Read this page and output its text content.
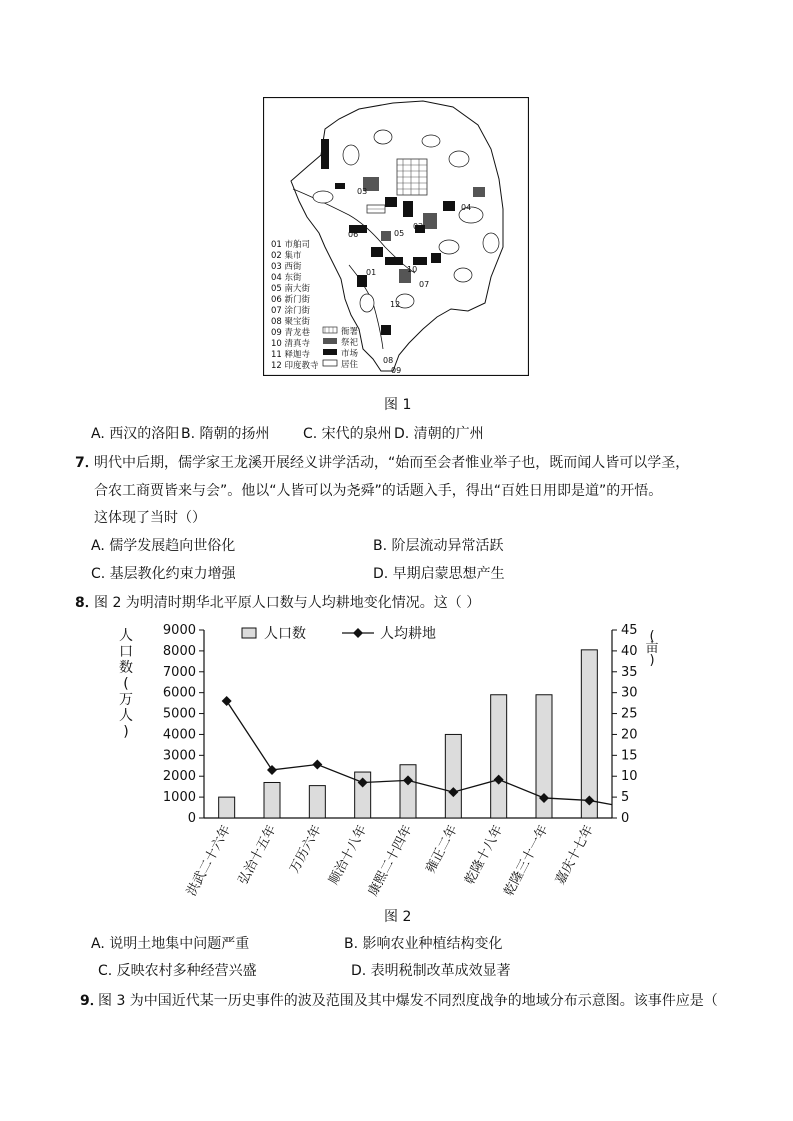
03
02
04
05
06
01	10
07
12
08
09
01 市舶司
02 集市
03 西街
04 东街
05 南大街
06 新门街
07 涂门街
08 聚宝街
09 青龙巷
10 清真寺
11 释迦寺
12 印度教寺
衙署
祭祀
市场
居住
图 1
A. 西汉的洛阳 B. 隋朝的扬州 C. 宋代的泉州 D. 清朝的广州
7．
明代中后期，儒学家王龙溪开展经义讲学活动，“始而至会者惟业举子也，既而闻人皆可以学圣，
合农工商贾皆来与会”。他以“人皆可以为尧舜”的话题入手，得出“百姓日用即是道”的开悟。
这体现了当时（）
A. 儒学发展趋向世俗化	B. 阶层流动异常活跃
C. 基层教化约束力增强	D. 早期启蒙思想产生
8．
图 2 为明清时期华北平原人口数与人均耕地变化情况。这（ ）
0
1000
2000
3000
4000
5000
6000
7000
8000
9000
0
5
10
15
20
25
30
35
40
45
人
口
数
(
万
人
)
(
亩
)
洪武二十六年 弘治十五年 万历六年 顺治十八年
康熙二十四年 雍正二年 乾隆十八年
乾隆三十一年 嘉庆十七年
人口数	人均耕地
图 2
A. 说明土地集中问题严重	B. 影响农业种植结构变化
C. 反映农村多种经营兴盛	D. 表明税制改革成效显著
9．
图 3 为中国近代某一历史事件的波及范围及其中爆发不同烈度战争的地域分布示意图。该事件应是（
